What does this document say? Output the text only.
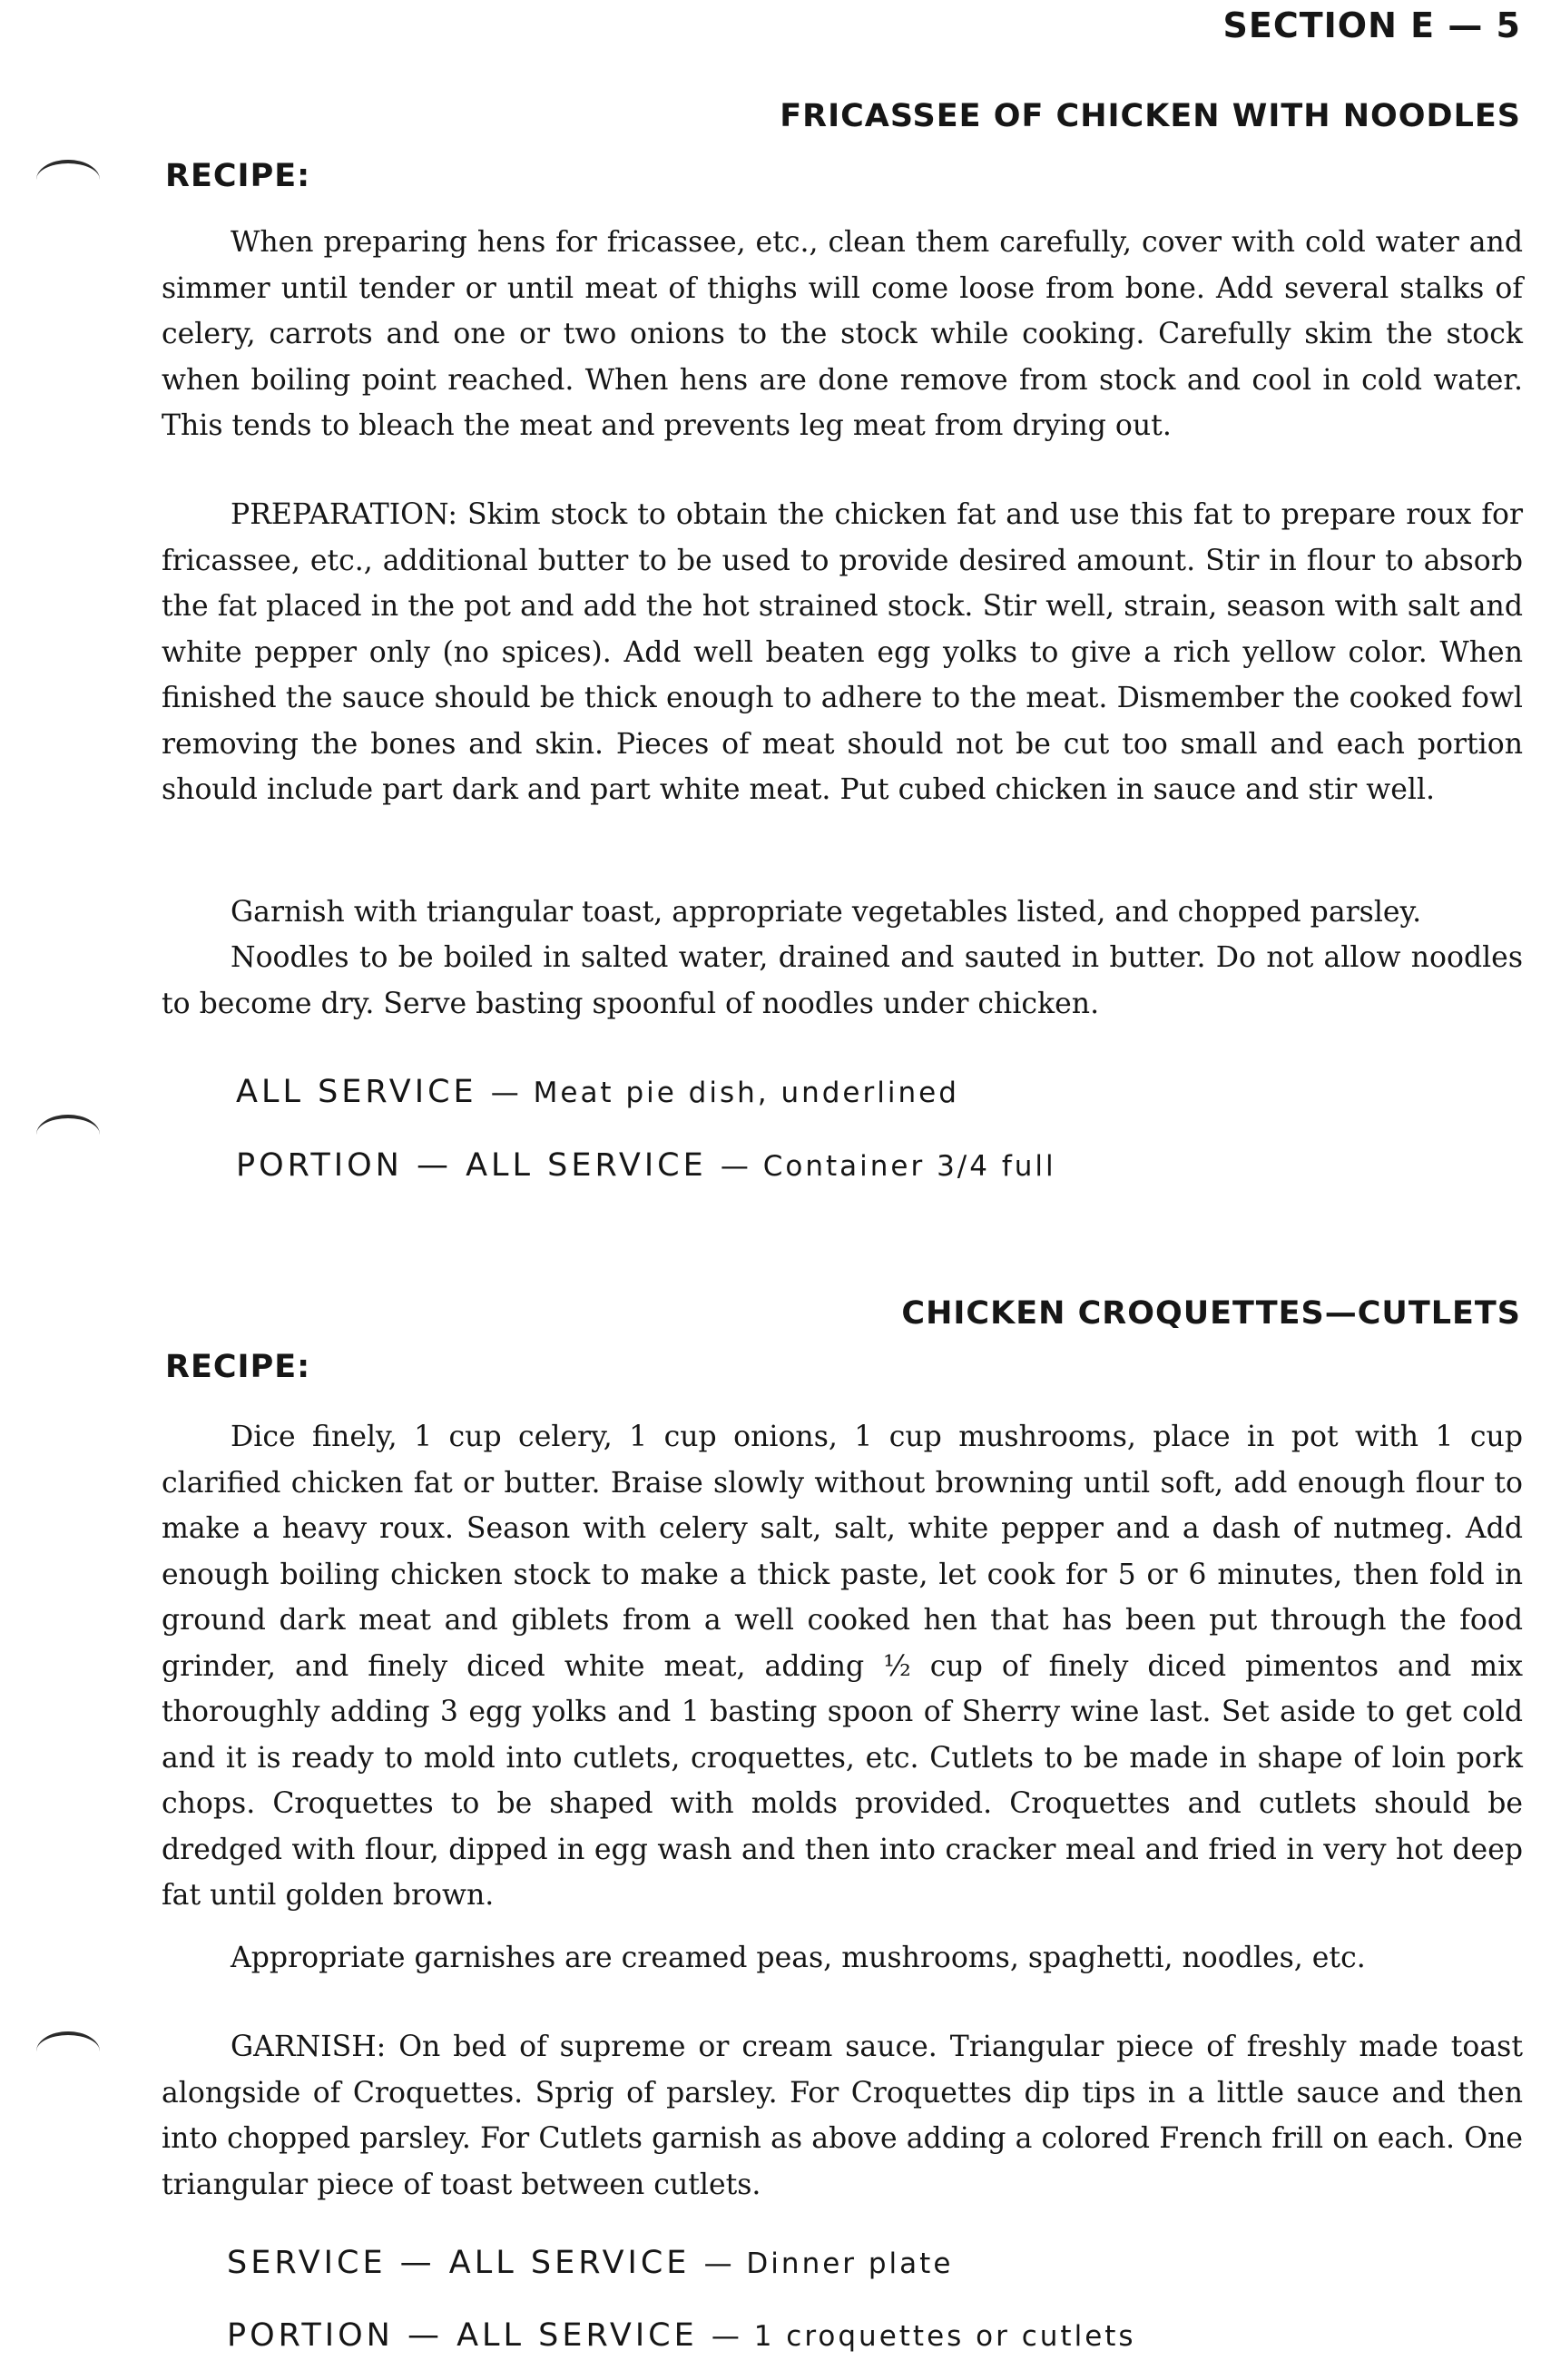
SECTION E — 5
FRICASSEE OF CHICKEN WITH NOODLES
RECIPE:

When preparing hens for fricassee, etc., clean them carefully, cover with cold water and simmer until tender or until meat of thighs will come loose from bone. Add several stalks of celery, carrots and one or two onions to the stock while cooking. Carefully skim the stock when boiling point reached. When hens are done remove from stock and cool in cold water. This tends to bleach the meat and prevents leg meat from drying out.

PREPARATION: Skim stock to obtain the chicken fat and use this fat to prepare roux for fricassee, etc., additional butter to be used to provide desired amount. Stir in flour to absorb the fat placed in the pot and add the hot strained stock. Stir well, strain, season with salt and white pepper only (no spices). Add well beaten egg yolks to give a rich yellow color. When finished the sauce should be thick enough to adhere to the meat. Dismember the cooked fowl removing the bones and skin. Pieces of meat should not be cut too small and each portion should include part dark and part white meat. Put cubed chicken in sauce and stir well.

Garnish with triangular toast, appropriate vegetables listed, and chopped parsley.

Noodles to be boiled in salted water, drained and sauted in butter. Do not allow noodles to become dry. Serve basting spoonful of noodles under chicken.

ALL SERVICE — Meat pie dish, underlined
PORTION — ALL SERVICE — Container 3/4 full
CHICKEN CROQUETTES—CUTLETS
RECIPE:

Dice finely, 1 cup celery, 1 cup onions, 1 cup mushrooms, place in pot with 1 cup clarified chicken fat or butter. Braise slowly without browning until soft, add enough flour to make a heavy roux. Season with celery salt, salt, white pepper and a dash of nutmeg. Add enough boiling chicken stock to make a thick paste, let cook for 5 or 6 minutes, then fold in ground dark meat and giblets from a well cooked hen that has been put through the food grinder, and finely diced white meat, adding ½ cup of finely diced pimentos and mix thoroughly adding 3 egg yolks and 1 basting spoon of Sherry wine last. Set aside to get cold and it is ready to mold into cutlets, croquettes, etc. Cutlets to be made in shape of loin pork chops. Croquettes to be shaped with molds provided. Croquettes and cutlets should be dredged with flour, dipped in egg wash and then into cracker meal and fried in very hot deep fat until golden brown.

Appropriate garnishes are creamed peas, mushrooms, spaghetti, noodles, etc.

GARNISH: On bed of supreme or cream sauce. Triangular piece of freshly made toast alongside of Croquettes. Sprig of parsley. For Croquettes dip tips in a little sauce and then into chopped parsley. For Cutlets garnish as above adding a colored French frill on each. One triangular piece of toast between cutlets.

SERVICE — ALL SERVICE — Dinner plate
PORTION — ALL SERVICE — 1 croquettes or cutlets
